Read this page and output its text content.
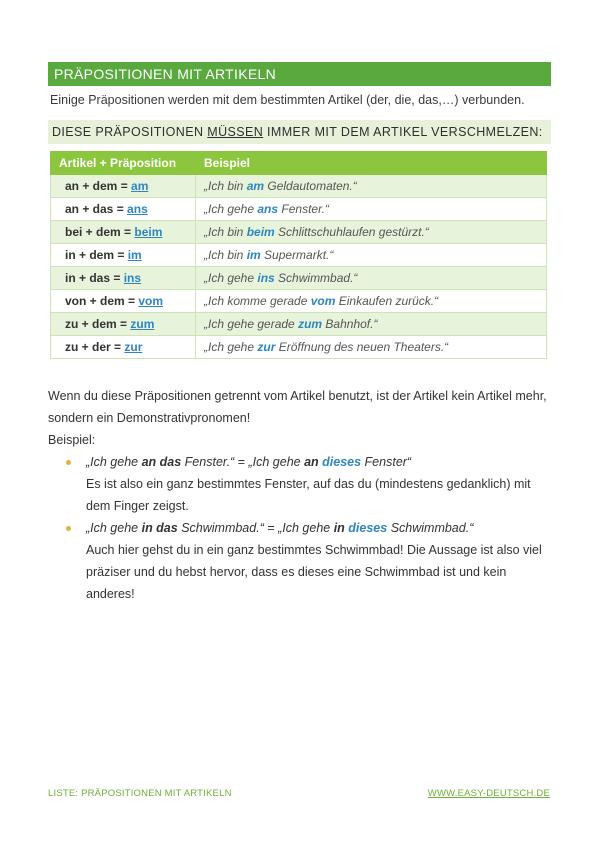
PRÄPOSITIONEN MIT ARTIKELN
Einige Präpositionen werden mit dem bestimmten Artikel (der, die, das,…) verbunden.
DIESE PRÄPOSITIONEN MÜSSEN IMMER MIT DEM ARTIKEL VERSCHMELZEN:
Artikel + Präposition	Beispiel
an + dem = am	„Ich bin am Geldautomaten.“
an + das = ans	„Ich gehe ans Fenster.“
bei + dem = beim	„Ich bin beim Schlittschuhlaufen gestürzt.“
in + dem = im	„Ich bin im Supermarkt.“
in + das = ins	„Ich gehe ins Schwimmbad.“
von + dem = vom	„Ich komme gerade vom Einkaufen zurück.“
zu + dem = zum	„Ich gehe gerade zum Bahnhof.“
zu + der = zur	„Ich gehe zur Eröffnung des neuen Theaters.“
Wenn du diese Präpositionen getrennt vom Artikel benutzt, ist der Artikel kein Artikel mehr, sondern ein Demonstrativpronomen!
Beispiel:
„Ich gehe an das Fenster.“ = „Ich gehe an dieses Fenster“
Es ist also ein ganz bestimmtes Fenster, auf das du (mindestens gedanklich) mit dem Finger zeigst.
„Ich gehe in das Schwimmbad.“ = „Ich gehe in dieses Schwimmbad.“
Auch hier gehst du in ein ganz bestimmtes Schwimmbad! Die Aussage ist also viel präziser und du hebst hervor, dass es dieses eine Schwimmbad ist und kein anderes!
LISTE: PRÄPOSITIONEN MIT ARTIKELN	WWW.EASY-DEUTSCH.DE
